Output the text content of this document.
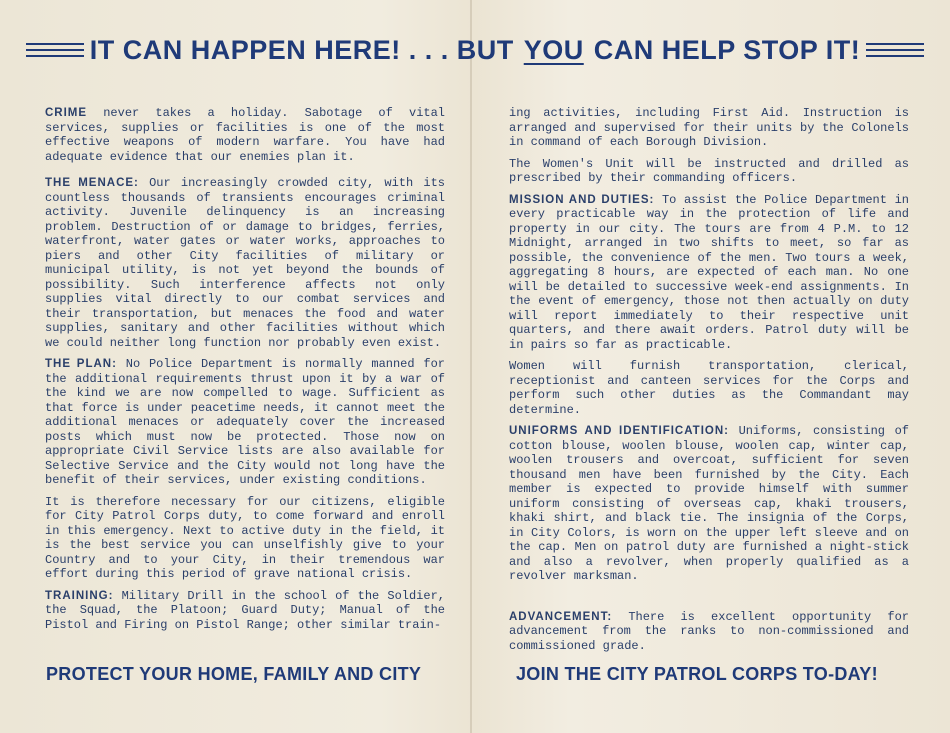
IT CAN HAPPEN HERE! . . . BUT YOU CAN HELP STOP IT!

CRIME never takes a holiday. Sabotage of vital services, supplies or facilities is one of the most effective weapons of modern warfare. You have had adequate evidence that our enemies plan it.

THE MENACE: Our increasingly crowded city, with its countless thousands of transients encourages criminal activity. Juvenile delinquency is an increasing problem. Destruction of or damage to bridges, ferries, waterfront, water gates or water works, approaches to piers and other City facilities of military or municipal utility, is not yet beyond the bounds of possibility. Such interference affects not only supplies vital directly to our combat services and their transportation, but menaces the food and water supplies, sanitary and other facilities without which we could neither long function nor probably even exist.

THE PLAN: No Police Department is normally manned for the additional requirements thrust upon it by a war of the kind we are now compelled to wage. Sufficient as that force is under peacetime needs, it cannot meet the additional menaces or adequately cover the increased posts which must now be protected. Those now on appropriate Civil Service lists are also available for Selective Service and the City would not long have the benefit of their services, under existing conditions.

It is therefore necessary for our citizens, eligible for City Patrol Corps duty, to come forward and enroll in this emergency. Next to active duty in the field, it is the best service you can unselfishly give to your Country and to your City, in their tremendous war effort during this period of grave national crisis.

TRAINING: Military Drill in the school of the Soldier, the Squad, the Platoon; Guard Duty; Manual of the Pistol and Firing on Pistol Range; other similar train-

ing activities, including First Aid. Instruction is arranged and supervised for their units by the Colonels in command of each Borough Division.

The Women's Unit will be instructed and drilled as prescribed by their commanding officers.

MISSION AND DUTIES: To assist the Police Department in every practicable way in the protection of life and property in our city. The tours are from 4 P.M. to 12 Midnight, arranged in two shifts to meet, so far as possible, the convenience of the men. Two tours a week, aggregating 8 hours, are expected of each man. No one will be detailed to successive week-end assignments. In the event of emergency, those not then actually on duty will report immediately to their respective unit quarters, and there await orders. Patrol duty will be in pairs so far as practicable.

Women will furnish transportation, clerical, receptionist and canteen services for the Corps and perform such other duties as the Commandant may determine.

UNIFORMS AND IDENTIFICATION: Uniforms, consisting of cotton blouse, woolen blouse, woolen cap, winter cap, woolen trousers and overcoat, sufficient for seven thousand men have been furnished by the City. Each member is expected to provide himself with summer uniform consisting of overseas cap, khaki trousers, khaki shirt, and black tie. The insignia of the Corps, in City Colors, is worn on the upper left sleeve and on the cap. Men on patrol duty are furnished a night-stick and also a revolver, when properly qualified as a revolver marksman.

ADVANCEMENT: There is excellent opportunity for advancement from the ranks to non-commissioned and commissioned grade.

PROTECT YOUR HOME, FAMILY AND CITY	JOIN THE CITY PATROL CORPS TO-DAY!
